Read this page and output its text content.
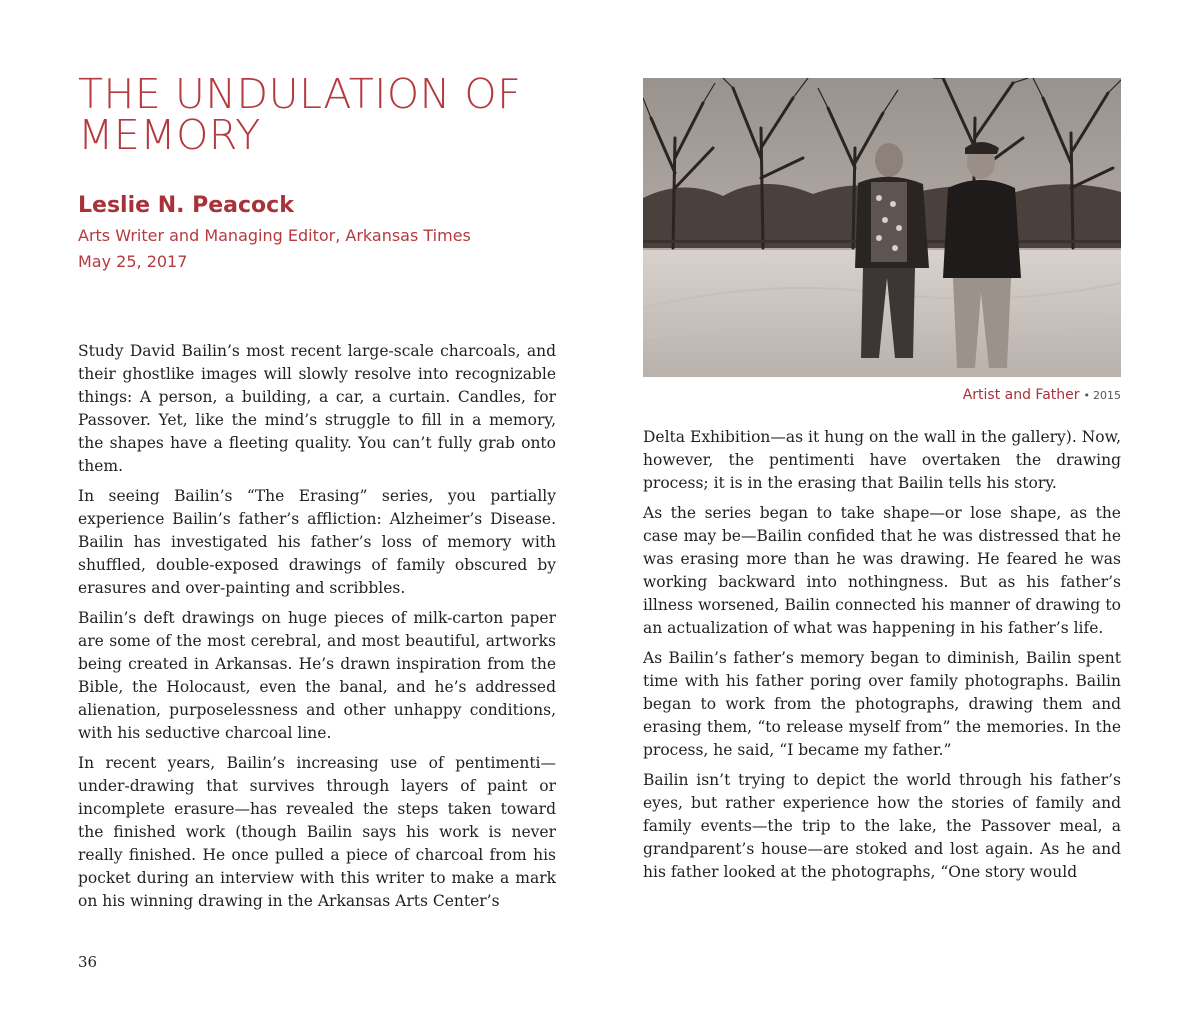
THE UNDULATION OF MEMORY
Leslie N. Peacock
Arts Writer and Managing Editor, Arkansas Times
May 25, 2017

Study David Bailin’s most recent large-scale charcoals, and their ghostlike images will slowly resolve into recognizable things: A person, a building, a car, a curtain. Candles, for Passover. Yet, like the mind’s struggle to fill in a memory, the shapes have a fleeting quality. You can’t fully grab onto them.

In seeing Bailin’s “The Erasing” series, you partially experience Bailin’s father’s affliction: Alzheimer’s Disease. Bailin has investigated his father’s loss of memory with shuffled, double-exposed drawings of family obscured by erasures and over-painting and scribbles.

Bailin’s deft drawings on huge pieces of milk-carton paper are some of the most cerebral, and most beautiful, artworks being created in Arkansas. He’s drawn inspiration from the Bible, the Holocaust, even the banal, and he’s addressed alienation, purposelessness and other unhappy conditions, with his seductive charcoal line.

In recent years, Bailin’s increasing use of pentimenti—under-drawing that survives through layers of paint or incomplete erasure—has revealed the steps taken toward the finished work (though Bailin says his work is never really finished. He once pulled a piece of charcoal from his pocket during an interview with this writer to make a mark on his winning drawing in the Arkansas Arts Center’s

Artist and Father • 2015

Delta Exhibition—as it hung on the wall in the gallery). Now, however, the pentimenti have overtaken the drawing process; it is in the erasing that Bailin tells his story.

As the series began to take shape—or lose shape, as the case may be—Bailin confided that he was distressed that he was erasing more than he was drawing. He feared he was working backward into nothingness. But as his father’s illness worsened, Bailin connected his manner of drawing to an actualization of what was happening in his father’s life.

As Bailin’s father’s memory began to diminish, Bailin spent time with his father poring over family photographs. Bailin began to work from the photographs, drawing them and erasing them, “to release myself from” the memories. In the process, he said, “I became my father.”

Bailin isn’t trying to depict the world through his father’s eyes, but rather experience how the stories of family and family events—the trip to the lake, the Passover meal, a grandparent’s house—are stoked and lost again. As he and his father looked at the photographs, “One story would

36
